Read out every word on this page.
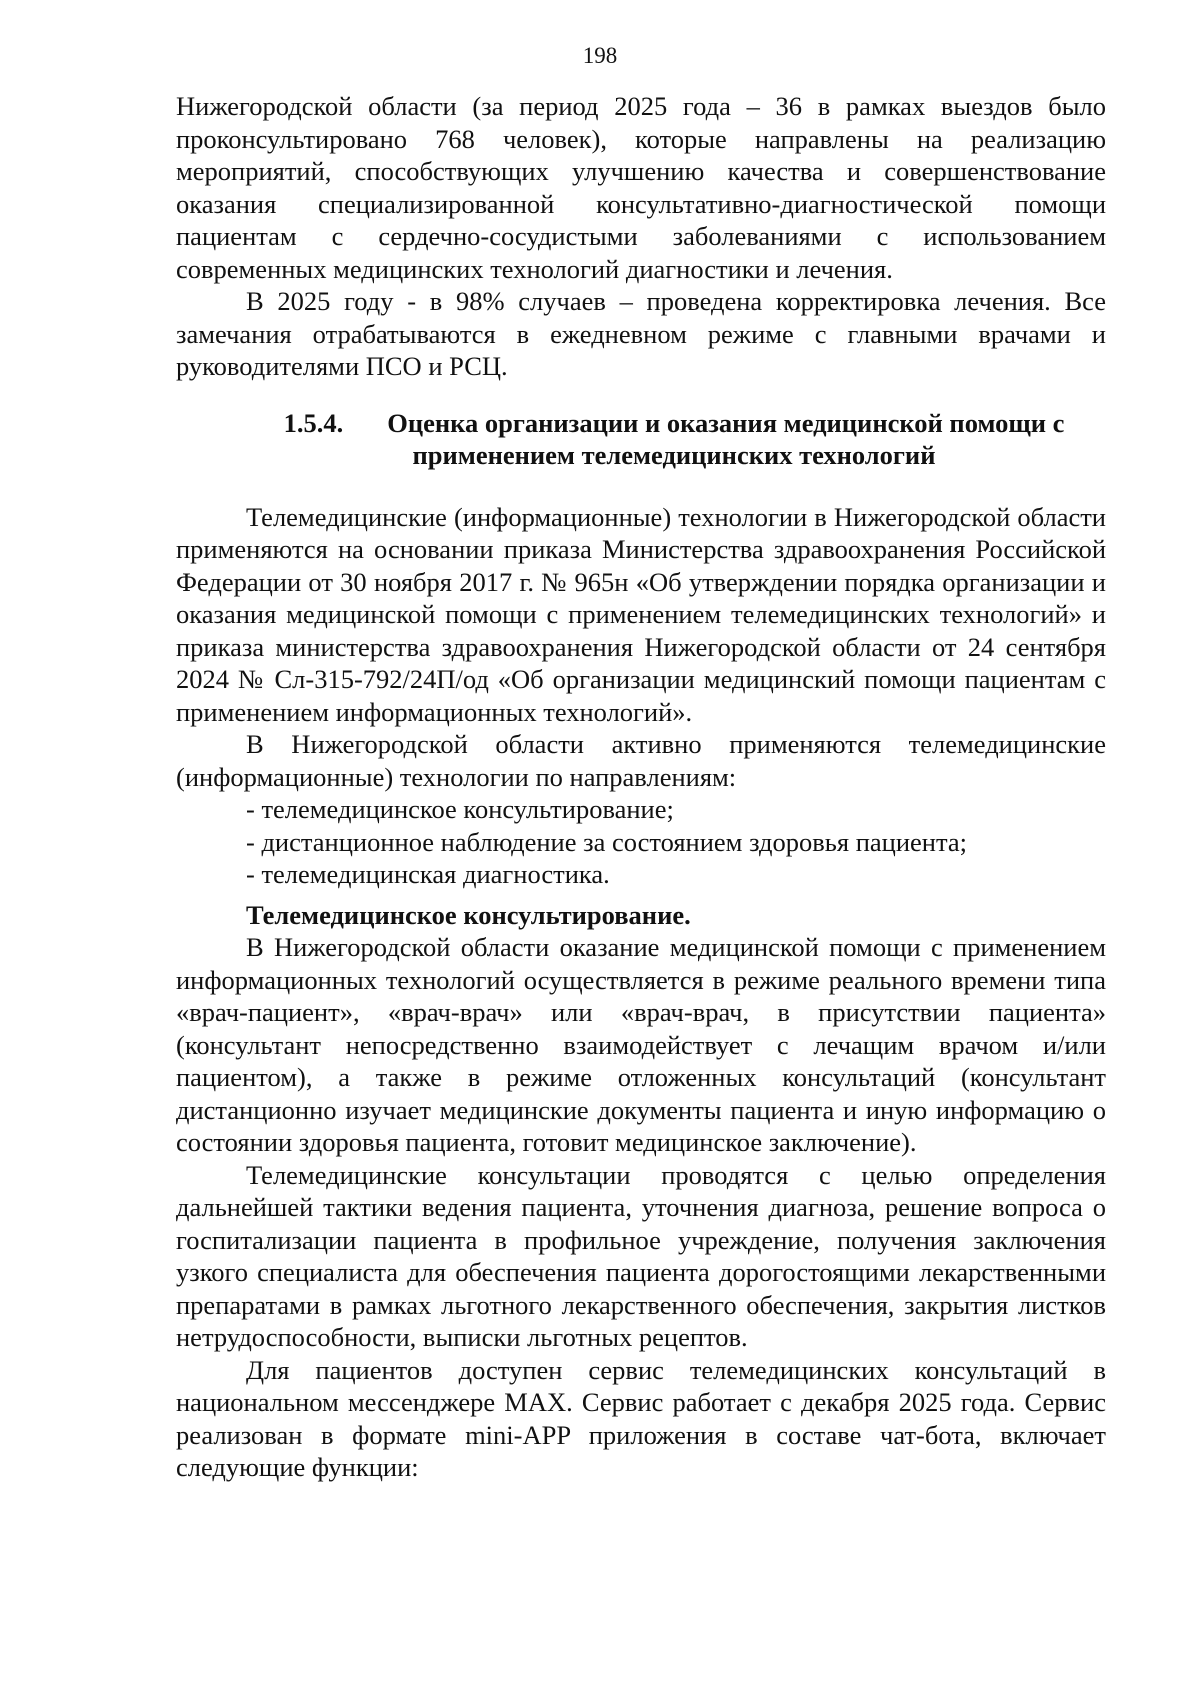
198

Нижегородской области (за период 2025 года – 36 в рамках выездов было проконсультировано 768 человек), которые направлены на реализацию мероприятий, способствующих улучшению качества и совершенствование оказания специализированной консультативно-диагностической помощи пациентам с сердечно-сосудистыми заболеваниями с использованием современных медицинских технологий диагностики и лечения.

В 2025 году - в 98% случаев – проведена корректировка лечения. Все замечания отрабатываются в ежедневном режиме с главными врачами и руководителями ПСО и РСЦ.

1.5.4. Оценка организации и оказания медицинской помощи с
применением телемедицинских технологий

Телемедицинские (информационные) технологии в Нижегородской области применяются на основании приказа Министерства здравоохранения Российской Федерации от 30 ноября 2017 г. № 965н «Об утверждении порядка организации и оказания медицинской помощи с применением телемедицинских технологий» и приказа министерства здравоохранения Нижегородской области от 24 сентября 2024 № Сл-315-792/24П/од «Об организации медицинский помощи пациентам с применением информационных технологий».

В Нижегородской области активно применяются телемедицинские (информационные) технологии по направлениям:

- телемедицинское консультирование;

- дистанционное наблюдение за состоянием здоровья пациента;

- телемедицинская диагностика.

Телемедицинское консультирование.

В Нижегородской области оказание медицинской помощи с применением информационных технологий осуществляется в режиме реального времени типа «врач-пациент», «врач-врач» или «врач-врач, в присутствии пациента» (консультант непосредственно взаимодействует с лечащим врачом и/или пациентом), а также в режиме отложенных консультаций (консультант дистанционно изучает медицинские документы пациента и иную информацию о состоянии здоровья пациента, готовит медицинское заключение).

Телемедицинские консультации проводятся с целью определения дальнейшей тактики ведения пациента, уточнения диагноза, решение вопроса о госпитализации пациента в профильное учреждение, получения заключения узкого специалиста для обеспечения пациента дорогостоящими лекарственными препаратами в рамках льготного лекарственного обеспечения, закрытия листков нетрудоспособности, выписки льготных рецептов.

Для пациентов доступен сервис телемедицинских консультаций в национальном мессенджере MAX. Сервис работает с декабря 2025 года. Сервис реализован в формате mini-APP приложения в составе чат-бота, включает следующие функции:
